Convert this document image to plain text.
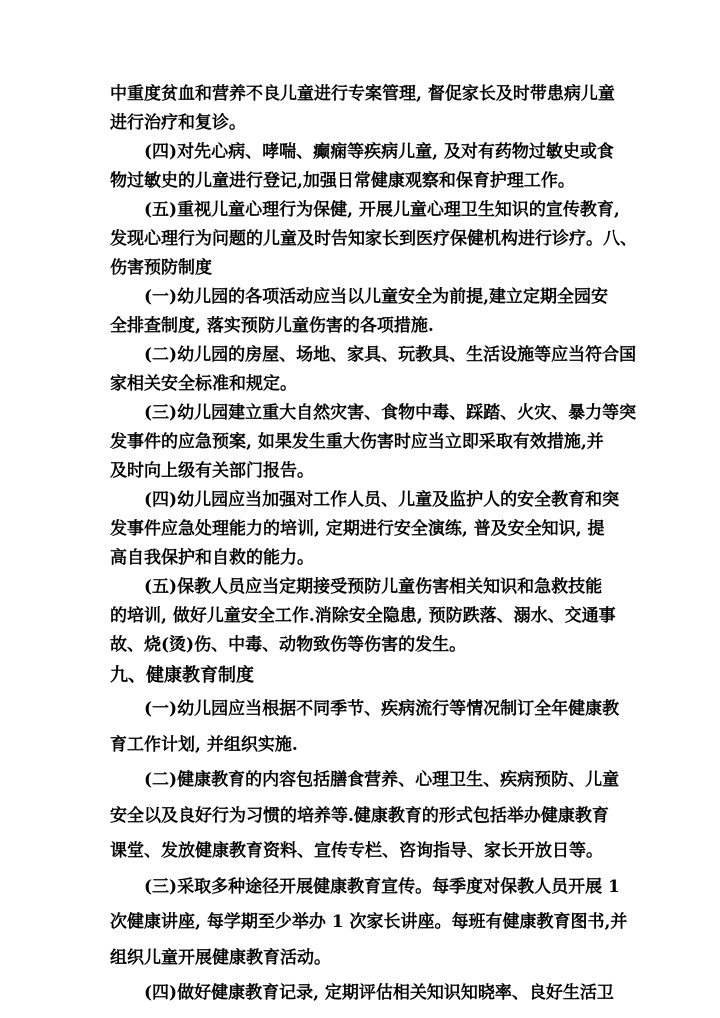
中重度贫血和营养不良儿童进行专案管理, 督促家长及时带患病儿童

进行治疗和复诊。

(四)对先心病、哮喘、癫痫等疾病儿童, 及对有药物过敏史或食

物过敏史的儿童进行登记,加强日常健康观察和保育护理工作。

(五)重视儿童心理行为保健, 开展儿童心理卫生知识的宣传教育,

发现心理行为问题的儿童及时告知家长到医疗保健机构进行诊疗。八、

伤害预防制度

(一)幼儿园的各项活动应当以儿童安全为前提,建立定期全园安

全排查制度, 落实预防儿童伤害的各项措施.

(二)幼儿园的房屋、场地、家具、玩教具、生活设施等应当符合国

家相关安全标准和规定。

(三)幼儿园建立重大自然灾害、食物中毒、踩踏、火灾、暴力等突

发事件的应急预案, 如果发生重大伤害时应当立即采取有效措施,并

及时向上级有关部门报告。

(四)幼儿园应当加强对工作人员、儿童及监护人的安全教育和突

发事件应急处理能力的培训, 定期进行安全演练, 普及安全知识, 提

高自我保护和自救的能力。

(五)保教人员应当定期接受预防儿童伤害相关知识和急救技能

的培训, 做好儿童安全工作.消除安全隐患, 预防跌落、溺水、交通事

故、烧(烫)伤、中毒、动物致伤等伤害的发生。

九、健康教育制度

(一)幼儿园应当根据不同季节、疾病流行等情况制订全年健康教

育工作计划, 并组织实施.

(二)健康教育的内容包括膳食营养、心理卫生、疾病预防、儿童

安全以及良好行为习惯的培养等.健康教育的形式包括举办健康教育

课堂、发放健康教育资料、宣传专栏、咨询指导、家长开放日等。

(三)采取多种途径开展健康教育宣传。每季度对保教人员开展 1

次健康讲座, 每学期至少举办 1 次家长讲座。每班有健康教育图书,并

组织儿童开展健康教育活动。

(四)做好健康教育记录, 定期评估相关知识知晓率、良好生活卫
